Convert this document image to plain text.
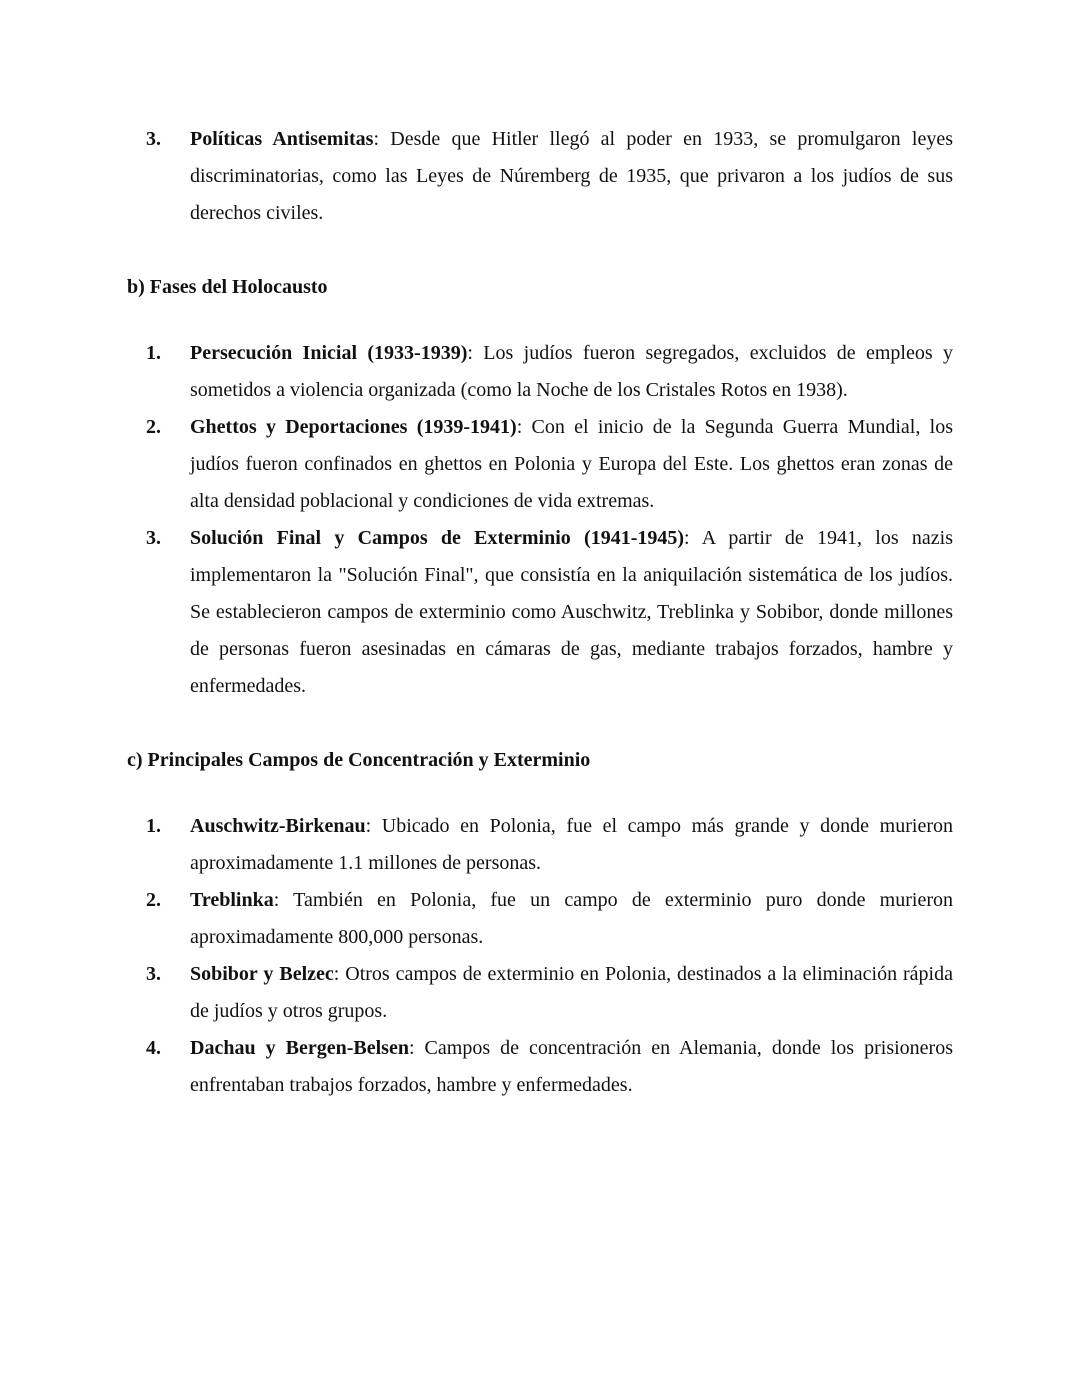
3. Políticas Antisemitas: Desde que Hitler llegó al poder en 1933, se promulgaron leyes discriminatorias, como las Leyes de Núremberg de 1935, que privaron a los judíos de sus derechos civiles.

b) Fases del Holocausto

1. Persecución Inicial (1933-1939): Los judíos fueron segregados, excluidos de empleos y sometidos a violencia organizada (como la Noche de los Cristales Rotos en 1938).
2. Ghettos y Deportaciones (1939-1941): Con el inicio de la Segunda Guerra Mundial, los judíos fueron confinados en ghettos en Polonia y Europa del Este. Los ghettos eran zonas de alta densidad poblacional y condiciones de vida extremas.
3. Solución Final y Campos de Exterminio (1941-1945): A partir de 1941, los nazis implementaron la "Solución Final", que consistía en la aniquilación sistemática de los judíos. Se establecieron campos de exterminio como Auschwitz, Treblinka y Sobibor, donde millones de personas fueron asesinadas en cámaras de gas, mediante trabajos forzados, hambre y enfermedades.

c) Principales Campos de Concentración y Exterminio

1. Auschwitz-Birkenau: Ubicado en Polonia, fue el campo más grande y donde murieron aproximadamente 1.1 millones de personas.
2. Treblinka: También en Polonia, fue un campo de exterminio puro donde murieron aproximadamente 800,000 personas.
3. Sobibor y Belzec: Otros campos de exterminio en Polonia, destinados a la eliminación rápida de judíos y otros grupos.
4. Dachau y Bergen-Belsen: Campos de concentración en Alemania, donde los prisioneros enfrentaban trabajos forzados, hambre y enfermedades.
